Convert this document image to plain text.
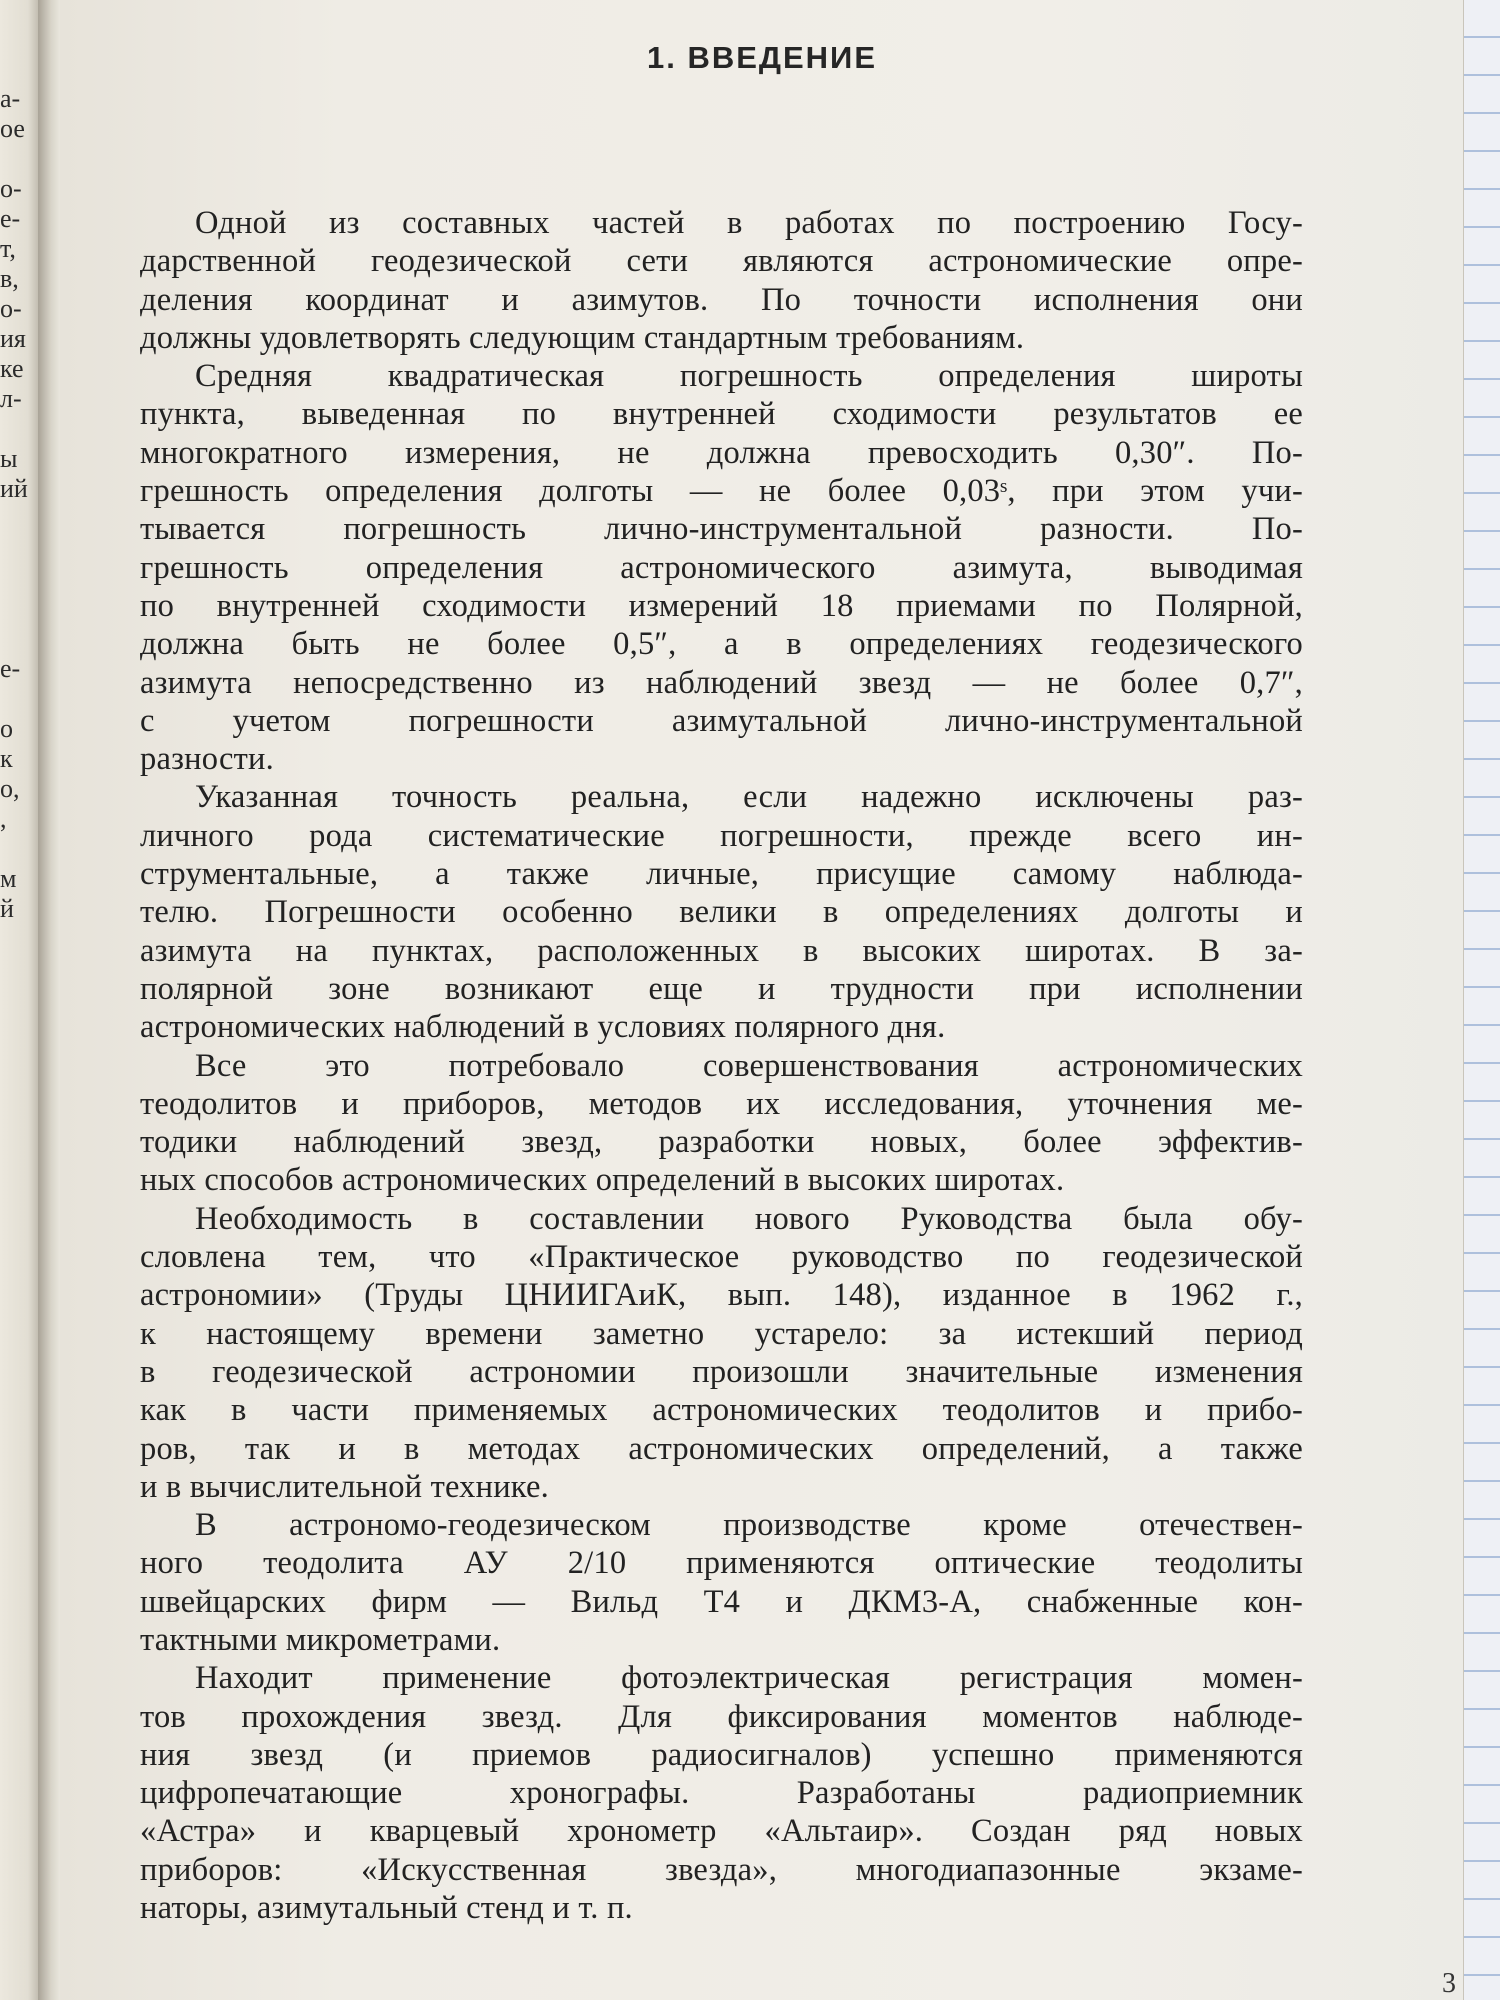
а-
ое
о-
е-
т,
в,
о-
ия
ке
л-
ы
ий
е-
о
к
о,
,
м
й
1. ВВЕДЕНИЕ
Одной из составных частей в работах по построению Госу-
дарственной геодезической сети являются астрономические опре-
деления координат и азимутов. По точности исполнения они
должны удовлетворять следующим стандартным требованиям.
Средняя квадратическая погрешность определения широты
пункта, выведенная по внутренней сходимости результатов ее
многократного измерения, не должна превосходить 0,30″. По-
грешность определения долготы — не более 0,03ˢ, при этом учи-
тывается погрешность лично-инструментальной разности. По-
грешность определения астрономического азимута, выводимая
по внутренней сходимости измерений 18 приемами по Полярной,
должна быть не более 0,5″, а в определениях геодезического
азимута непосредственно из наблюдений звезд — не более 0,7″,
с учетом погрешности азимутальной лично-инструментальной
разности.
Указанная точность реальна, если надежно исключены раз-
личного рода систематические погрешности, прежде всего ин-
струментальные, а также личные, присущие самому наблюда-
телю. Погрешности особенно велики в определениях долготы и
азимута на пунктах, расположенных в высоких широтах. В за-
полярной зоне возникают еще и трудности при исполнении
астрономических наблюдений в условиях полярного дня.
Все это потребовало совершенствования астрономических
теодолитов и приборов, методов их исследования, уточнения ме-
тодики наблюдений звезд, разработки новых, более эффектив-
ных способов астрономических определений в высоких широтах.
Необходимость в составлении нового Руководства была обу-
словлена тем, что «Практическое руководство по геодезической
астрономии» (Труды ЦНИИГАиК, вып. 148), изданное в 1962 г.,
к настоящему времени заметно устарело: за истекший период
в геодезической астрономии произошли значительные изменения
как в части применяемых астрономических теодолитов и прибо-
ров, так и в методах астрономических определений, а также
и в вычислительной технике.
В астрономо-геодезическом производстве кроме отечествен-
ного теодолита АУ 2/10 применяются оптические теодолиты
швейцарских фирм — Вильд Т4 и ДКМ3-А, снабженные кон-
тактными микрометрами.
Находит применение фотоэлектрическая регистрация момен-
тов прохождения звезд. Для фиксирования моментов наблюде-
ния звезд (и приемов радиосигналов) успешно применяются
цифропечатающие хронографы. Разработаны радиоприемник
«Астра» и кварцевый хронометр «Альтаир». Создан ряд новых
приборов: «Искусственная звезда», многодиапазонные экзаме-
наторы, азимутальный стенд и т. п.
3
